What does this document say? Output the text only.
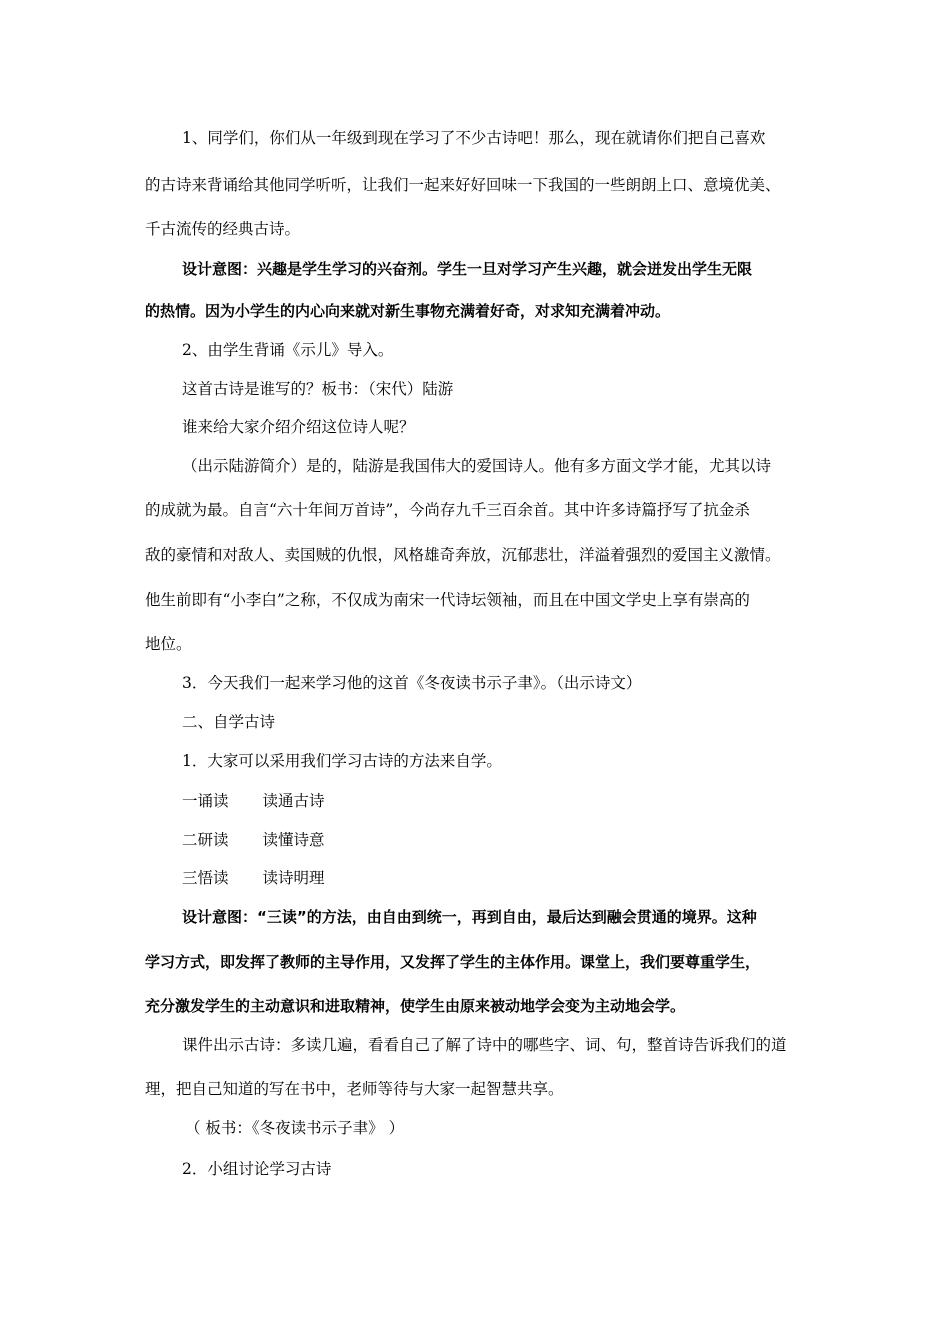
1、同学们，你们从一年级到现在学习了不少古诗吧！那么，现在就请你们把自己喜欢
的古诗来背诵给其他同学听听，让我们一起来好好回味一下我国的一些朗朗上口、意境优美、
千古流传的经典古诗。
设计意图：兴趣是学生学习的兴奋剂。学生一旦对学习产生兴趣，就会迸发出学生无限
的热情。因为小学生的内心向来就对新生事物充满着好奇，对求知充满着冲动。
2、由学生背诵《示儿》导入。
这首古诗是谁写的？板书：（宋代）陆游
谁来给大家介绍介绍这位诗人呢？
（出示陆游简介）是的，陆游是我国伟大的爱国诗人。他有多方面文学才能，尤其以诗
的成就为最。自言“六十年间万首诗”，今尚存九千三百余首。其中许多诗篇抒写了抗金杀
敌的豪情和对敌人、卖国贼的仇恨，风格雄奇奔放，沉郁悲壮，洋溢着强烈的爱国主义激情。
他生前即有“小李白”之称，不仅成为南宋一代诗坛领袖，而且在中国文学史上享有崇高的
地位。
3．今天我们一起来学习他的这首《冬夜读书示子聿》。（出示诗文）
二、自学古诗
1．大家可以采用我们学习古诗的方法来自学。
一诵读 读通古诗
二研读 读懂诗意
三悟读 读诗明理
设计意图：“三读”的方法，由自由到统一，再到自由，最后达到融会贯通的境界。这种
学习方式，即发挥了教师的主导作用，又发挥了学生的主体作用。课堂上，我们要尊重学生，
充分激发学生的主动意识和进取精神，使学生由原来被动地学会变为主动地会学。
课件出示古诗：多读几遍，看看自己了解了诗中的哪些字、词、句，整首诗告诉我们的道
理，把自己知道的写在书中，老师等待与大家一起智慧共享。
（ 板书：《冬夜读书示子聿》 ）
2．小组讨论学习古诗
